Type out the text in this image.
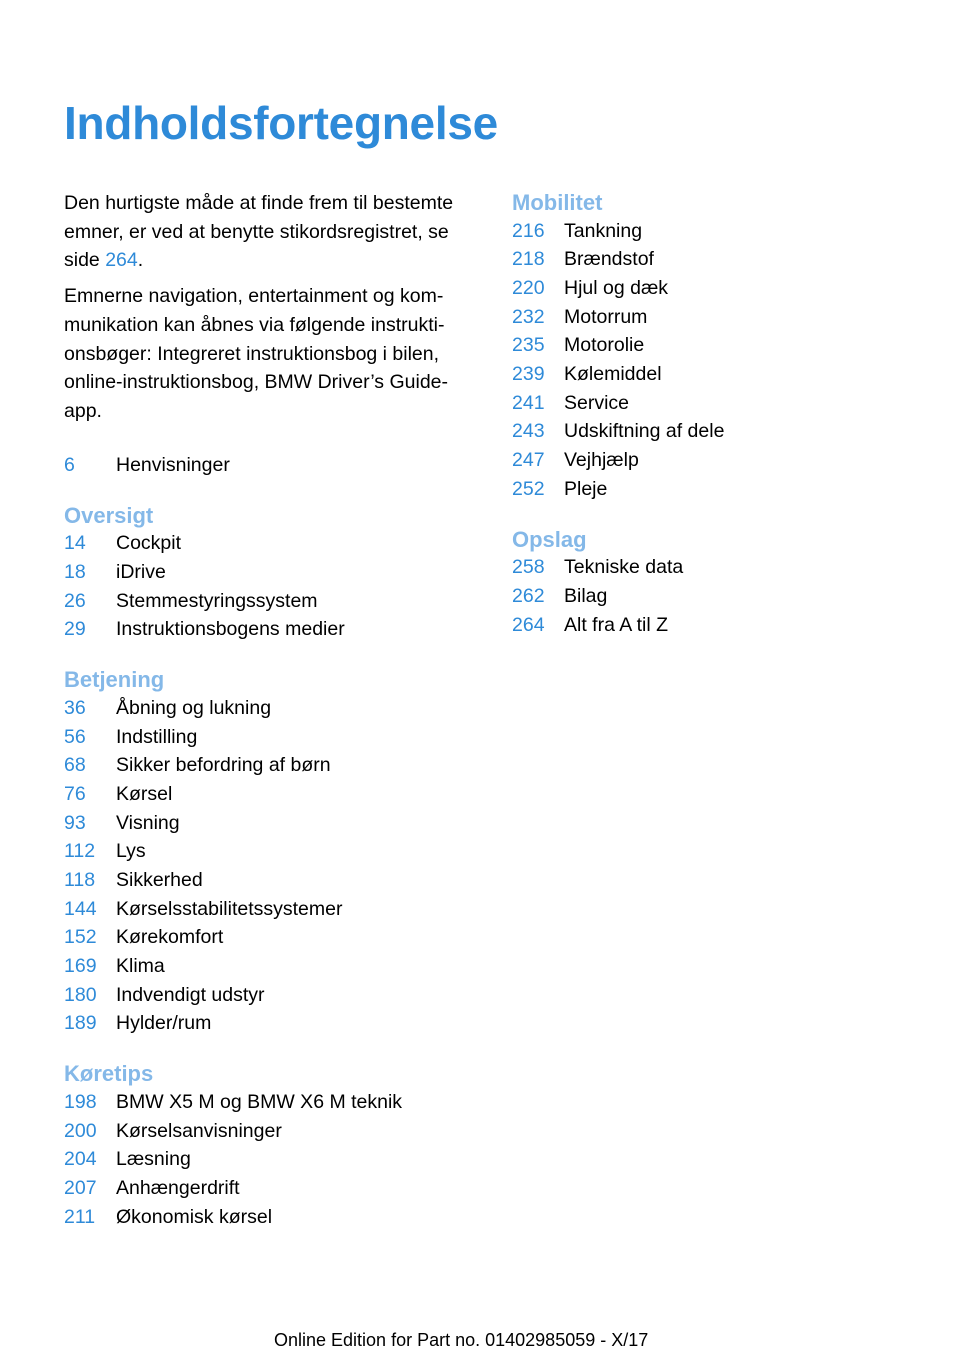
Indholdsfortegnelse

Den hurtigste måde at finde frem til bestemte emner, er ved at benytte stikordsregistret, se side 264.

Emnerne navigation, entertainment og kom-munikation kan åbnes via følgende instrukti-onsbøger: Integreret instruktionsbog i bilen, online-instruktionsbog, BMW Driver’s Guide-app.

6	Henvisninger
Oversigt
14	Cockpit
18	iDrive
26	Stemmestyringssystem
29	Instruktionsbogens medier
Betjening
36	Åbning og lukning
56	Indstilling
68	Sikker befordring af børn
76	Kørsel
93	Visning
112	Lys
118	Sikkerhed
144 Kørselsstabilitetssystemer
152 Kørekomfort
169 Klima
180 Indvendigt udstyr
189 Hylder/rum
Køretips
198 BMW X5 M og BMW X6 M teknik
200 Kørselsanvisninger
204 Læsning
207 Anhængerdrift
211	Økonomisk kørsel
Mobilitet
216 Tankning
218 Brændstof
220 Hjul og dæk
232 Motorrum
235 Motorolie
239 Kølemiddel
241 Service
243 Udskiftning af dele
247 Vejhjælp
252 Pleje
Opslag
258 Tekniske data
262 Bilag
264 Alt fra A til Z
Online Edition for Part no. 01402985059 - X/17
